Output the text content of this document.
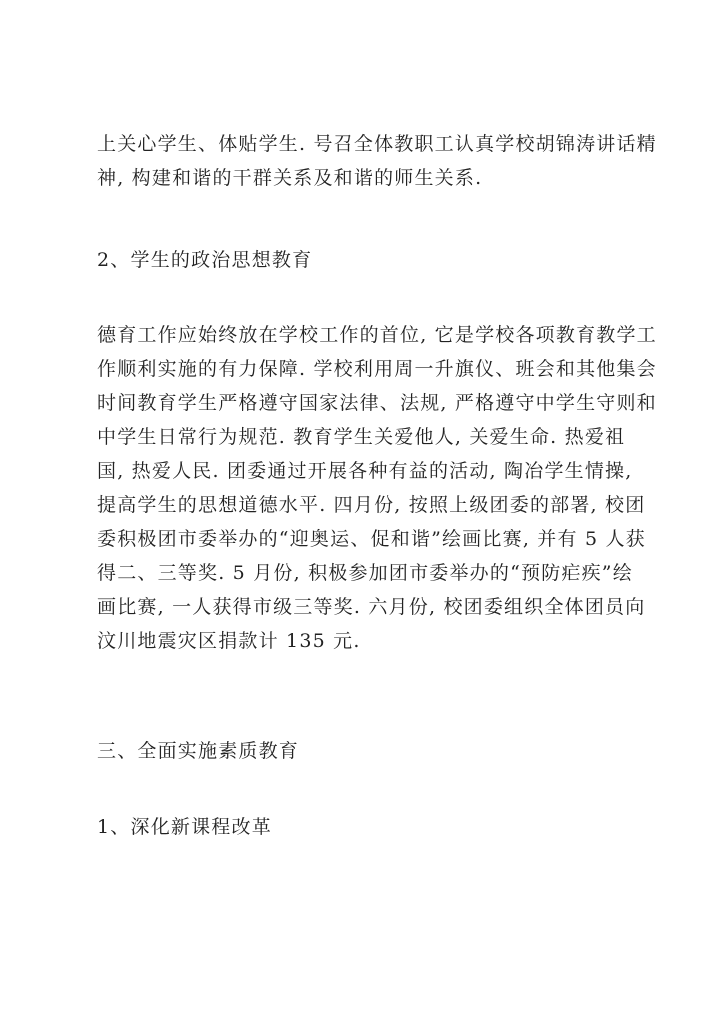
上关心学生、体贴学生. 号召全体教职工认真学校胡锦涛讲话精
神, 构建和谐的干群关系及和谐的师生关系.
2、学生的政治思想教育
德育工作应始终放在学校工作的首位, 它是学校各项教育教学工
作顺利实施的有力保障. 学校利用周一升旗仪、班会和其他集会
时间教育学生严格遵守国家法律、法规, 严格遵守中学生守则和
中学生日常行为规范. 教育学生关爱他人, 关爱生命. 热爱祖
国, 热爱人民. 团委通过开展各种有益的活动, 陶冶学生情操,
提高学生的思想道德水平. 四月份, 按照上级团委的部署, 校团
委积极团市委举办的“迎奥运、促和谐”绘画比赛, 并有 5 人获
得二、三等奖. 5 月份, 积极参加团市委举办的“预防疟疾”绘
画比赛, 一人获得市级三等奖. 六月份, 校团委组织全体团员向
汶川地震灾区捐款计 135 元.
三、全面实施素质教育
1、深化新课程改革
